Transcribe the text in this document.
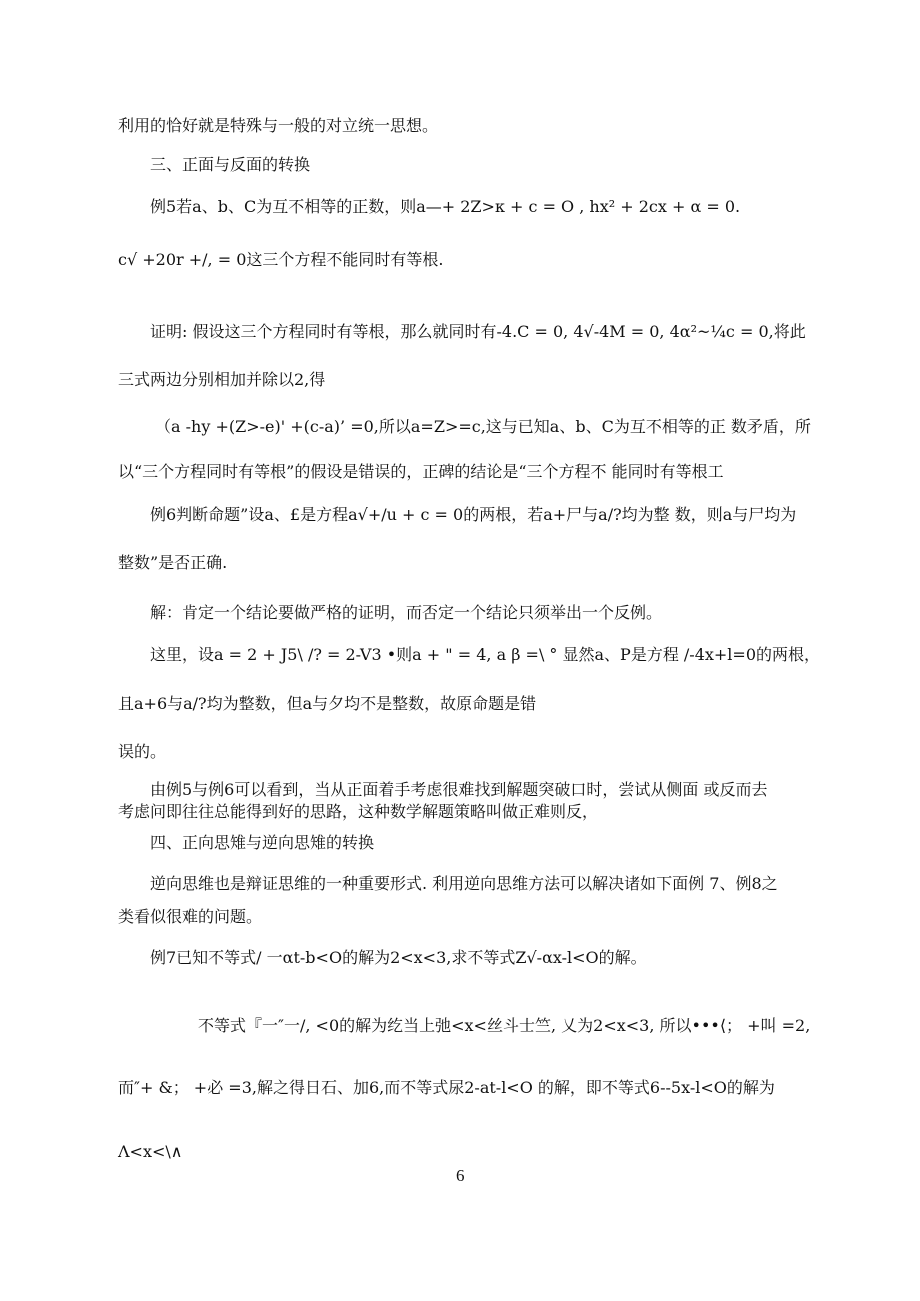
利用的恰好就是特殊与一般的对立统一思想。
三、正面与反面的转换
例5若a、b、C为互不相等的正数，则a—+ 2Z>κ + c = O , hx² + 2cx + α = 0.
c√ +20r +/, = 0这三个方程不能同时有等根.
证明: 假设这三个方程同时有等根，那么就同时有-4.C = 0, 4√-4M = 0, 4α²~¼c = 0,将此
三式两边分别相加并除以2,得
（a -hy +(Z>-e)' +(c-a)’ =0,所以a=Z>=c,这与已知a、b、C为互不相等的正 数矛盾，所
以“三个方程同时有等根”的假设是错误的，正碑的结论是“三个方程不 能同时有等根工
例6判断命题”设a、£是方程a√+/u + c = 0的两根，若a+尸与a/?均为整 数，则a与尸均为
整数”是否正确.
解：肯定一个结论要做严格的证明，而否定一个结论只须举出一个反例。
这里，设a = 2 + J5\ /? = 2-V3 •则a + " = 4, a β =\ ° 显然a、P是方程 /-4x+l=0的两根，
且a+6与a/?均为整数，但a与夕均不是整数，故原命题是错
误的。
由例5与例6可以看到，当从正面着手考虑很难找到解题突破口时，尝试从侧面 或反而去
考虑问即往往总能得到好的思路，这种数学解题策略叫做正难则反，
四、正向思雉与逆向思雉的转换
逆向思维也是辩证思维的一种重要形式. 利用逆向思维方法可以解决诸如下面例 7、例8之
类看似很难的问题。
例7已知不等式/ 一αt-b<O的解为2<x<3,求不等式Z√-αx-l<O的解。
不等式『一″一/, <0的解为纥当上弛<x<丝斗士竺, 乂为2<x<3, 所以•••⟨； +叫 =2,
而″+ &； +必 =3,解之得日石、加6,而不等式尿2-at-l<O 的解，即不等式6--5x-l<O的解为
Λ<x<\∧
6
